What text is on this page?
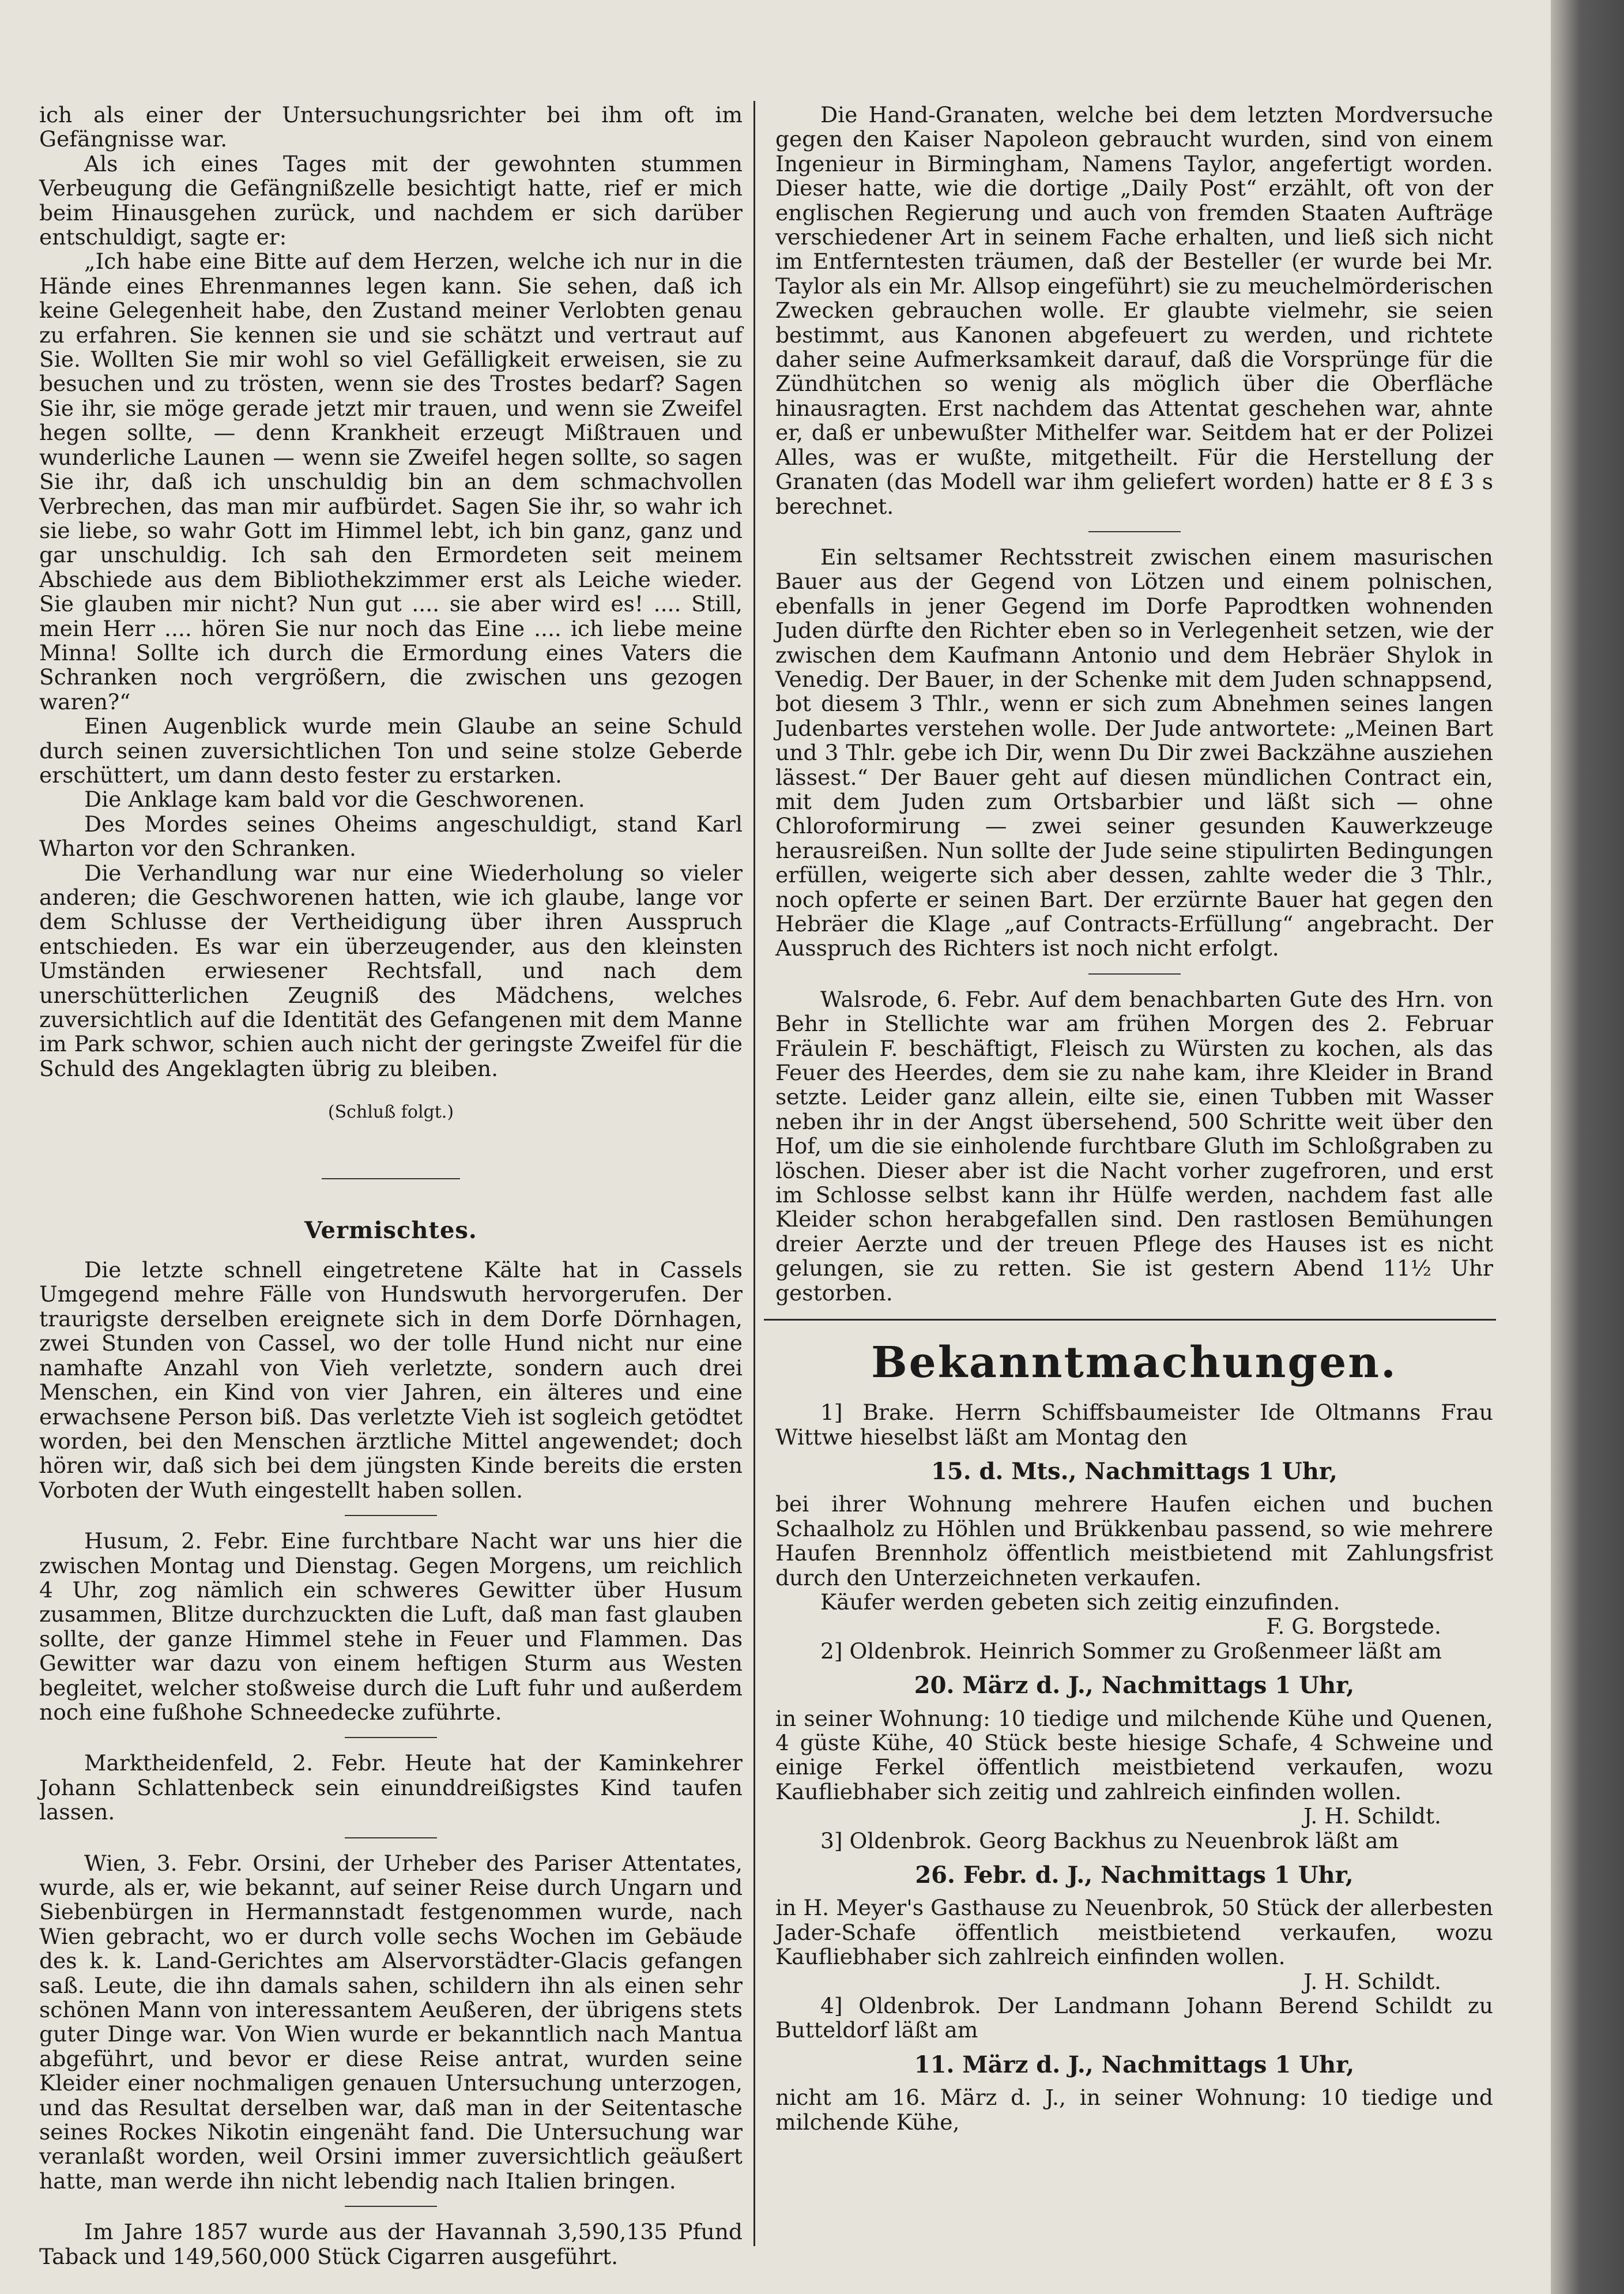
ich als einer der Untersuchungsrichter bei ihm oft im Gefängnisse war.

Als ich eines Tages mit der gewohnten stummen Verbeugung die Gefängnißzelle besichtigt hatte, rief er mich beim Hinausgehen zurück, und nachdem er sich darüber entschuldigt, sagte er:

„Ich habe eine Bitte auf dem Herzen, welche ich nur in die Hände eines Ehrenmannes legen kann. Sie sehen, daß ich keine Gelegenheit habe, den Zustand meiner Verlobten genau zu erfahren. Sie kennen sie und sie schätzt und vertraut auf Sie. Wollten Sie mir wohl so viel Gefälligkeit erweisen, sie zu besuchen und zu trösten, wenn sie des Trostes bedarf? Sagen Sie ihr, sie möge gerade jetzt mir trauen, und wenn sie Zweifel hegen sollte, — denn Krankheit erzeugt Mißtrauen und wunderliche Launen — wenn sie Zweifel hegen sollte, so sagen Sie ihr, daß ich unschuldig bin an dem schmachvollen Verbrechen, das man mir aufbürdet. Sagen Sie ihr, so wahr ich sie liebe, so wahr Gott im Himmel lebt, ich bin ganz, ganz und gar unschuldig. Ich sah den Ermordeten seit meinem Abschiede aus dem Bibliothekzimmer erst als Leiche wieder. Sie glauben mir nicht? Nun gut .... sie aber wird es! .... Still, mein Herr .... hören Sie nur noch das Eine .... ich liebe meine Minna! Sollte ich durch die Ermordung eines Vaters die Schranken noch vergrößern, die zwischen uns gezogen waren?“

Einen Augenblick wurde mein Glaube an seine Schuld durch seinen zuversichtlichen Ton und seine stolze Geberde erschüttert, um dann desto fester zu erstarken.

Die Anklage kam bald vor die Geschworenen.

Des Mordes seines Oheims angeschuldigt, stand Karl Wharton vor den Schranken.

Die Verhandlung war nur eine Wiederholung so vieler anderen; die Geschworenen hatten, wie ich glaube, lange vor dem Schlusse der Vertheidigung über ihren Ausspruch entschieden. Es war ein überzeugender, aus den kleinsten Umständen erwiesener Rechtsfall, und nach dem unerschütterlichen Zeugniß des Mädchens, welches zuversichtlich auf die Identität des Gefangenen mit dem Manne im Park schwor, schien auch nicht der geringste Zweifel für die Schuld des Angeklagten übrig zu bleiben.

(Schluß folgt.)
Vermischtes.

Die letzte schnell eingetretene Kälte hat in Cassels Umgegend mehre Fälle von Hundswuth hervorgerufen. Der traurigste derselben ereignete sich in dem Dorfe Dörnhagen, zwei Stunden von Cassel, wo der tolle Hund nicht nur eine namhafte Anzahl von Vieh verletzte, sondern auch drei Menschen, ein Kind von vier Jahren, ein älteres und eine erwachsene Person biß. Das verletzte Vieh ist sogleich getödtet worden, bei den Menschen ärztliche Mittel angewendet; doch hören wir, daß sich bei dem jüngsten Kinde bereits die ersten Vorboten der Wuth eingestellt haben sollen.

Husum, 2. Febr. Eine furchtbare Nacht war uns hier die zwischen Montag und Dienstag. Gegen Morgens, um reichlich 4 Uhr, zog nämlich ein schweres Gewitter über Husum zusammen, Blitze durchzuckten die Luft, daß man fast glauben sollte, der ganze Himmel stehe in Feuer und Flammen. Das Gewitter war dazu von einem heftigen Sturm aus Westen begleitet, welcher stoßweise durch die Luft fuhr und außerdem noch eine fußhohe Schneedecke zuführte.

Marktheidenfeld, 2. Febr. Heute hat der Kaminkehrer Johann Schlattenbeck sein einunddreißigstes Kind taufen lassen.

Wien, 3. Febr. Orsini, der Urheber des Pariser Attentates, wurde, als er, wie bekannt, auf seiner Reise durch Ungarn und Siebenbürgen in Hermannstadt festgenommen wurde, nach Wien gebracht, wo er durch volle sechs Wochen im Gebäude des k. k. Land-Gerichtes am Alservorstädter-Glacis gefangen saß. Leute, die ihn damals sahen, schildern ihn als einen sehr schönen Mann von interessantem Aeußeren, der übrigens stets guter Dinge war. Von Wien wurde er bekanntlich nach Mantua abgeführt, und bevor er diese Reise antrat, wurden seine Kleider einer nochmaligen genauen Untersuchung unterzogen, und das Resultat derselben war, daß man in der Seitentasche seines Rockes Nikotin eingenäht fand. Die Untersuchung war veranlaßt worden, weil Orsini immer zuversichtlich geäußert hatte, man werde ihn nicht lebendig nach Italien bringen.

Im Jahre 1857 wurde aus der Havannah 3,590,135 Pfund Taback und 149,560,000 Stück Cigarren ausgeführt.

Die Hand-Granaten, welche bei dem letzten Mordversuche gegen den Kaiser Napoleon gebraucht wurden, sind von einem Ingenieur in Birmingham, Namens Taylor, angefertigt worden. Dieser hatte, wie die dortige „Daily Post“ erzählt, oft von der englischen Regierung und auch von fremden Staaten Aufträge verschiedener Art in seinem Fache erhalten, und ließ sich nicht im Entferntesten träumen, daß der Besteller (er wurde bei Mr. Taylor als ein Mr. Allsop eingeführt) sie zu meuchelmörderischen Zwecken gebrauchen wolle. Er glaubte vielmehr, sie seien bestimmt, aus Kanonen abgefeuert zu werden, und richtete daher seine Aufmerksamkeit darauf, daß die Vorsprünge für die Zündhütchen so wenig als möglich über die Oberfläche hinausragten. Erst nachdem das Attentat geschehen war, ahnte er, daß er unbewußter Mithelfer war. Seitdem hat er der Polizei Alles, was er wußte, mitgetheilt. Für die Herstellung der Granaten (das Modell war ihm geliefert worden) hatte er 8 £ 3 s berechnet.

Ein seltsamer Rechtsstreit zwischen einem masurischen Bauer aus der Gegend von Lötzen und einem polnischen, ebenfalls in jener Gegend im Dorfe Paprodtken wohnenden Juden dürfte den Richter eben so in Verlegenheit setzen, wie der zwischen dem Kaufmann Antonio und dem Hebräer Shylok in Venedig. Der Bauer, in der Schenke mit dem Juden schnappsend, bot diesem 3 Thlr., wenn er sich zum Abnehmen seines langen Judenbartes verstehen wolle. Der Jude antwortete: „Meinen Bart und 3 Thlr. gebe ich Dir, wenn Du Dir zwei Backzähne ausziehen lässest.“ Der Bauer geht auf diesen mündlichen Contract ein, mit dem Juden zum Ortsbarbier und läßt sich — ohne Chloroformirung — zwei seiner gesunden Kauwerkzeuge herausreißen. Nun sollte der Jude seine stipulirten Bedingungen erfüllen, weigerte sich aber dessen, zahlte weder die 3 Thlr., noch opferte er seinen Bart. Der erzürnte Bauer hat gegen den Hebräer die Klage „auf Contracts-Erfüllung“ angebracht. Der Ausspruch des Richters ist noch nicht erfolgt.

Walsrode, 6. Febr. Auf dem benachbarten Gute des Hrn. von Behr in Stellichte war am frühen Morgen des 2. Februar Fräulein F. beschäftigt, Fleisch zu Würsten zu kochen, als das Feuer des Heerdes, dem sie zu nahe kam, ihre Kleider in Brand setzte. Leider ganz allein, eilte sie, einen Tubben mit Wasser neben ihr in der Angst übersehend, 500 Schritte weit über den Hof, um die sie einholende furchtbare Gluth im Schloßgraben zu löschen. Dieser aber ist die Nacht vorher zugefroren, und erst im Schlosse selbst kann ihr Hülfe werden, nachdem fast alle Kleider schon herabgefallen sind. Den rastlosen Bemühungen dreier Aerzte und der treuen Pflege des Hauses ist es nicht gelungen, sie zu retten. Sie ist gestern Abend 11½ Uhr gestorben.

Bekanntmachungen.

1] Brake. Herrn Schiffsbaumeister Ide Oltmanns Frau Wittwe hieselbst läßt am Montag den

15. d. Mts., Nachmittags 1 Uhr,

bei ihrer Wohnung mehrere Haufen eichen und buchen Schaalholz zu Höhlen und Brükkenbau passend, so wie mehrere Haufen Brennholz öffentlich meistbietend mit Zahlungsfrist durch den Unterzeichneten verkaufen.

Käufer werden gebeten sich zeitig einzufinden.

F. G. Borgstede.

2] Oldenbrok. Heinrich Sommer zu Großenmeer läßt am

20. März d. J., Nachmittags 1 Uhr,

in seiner Wohnung: 10 tiedige und milchende Kühe und Quenen, 4 güste Kühe, 40 Stück beste hiesige Schafe, 4 Schweine und einige Ferkel öffentlich meistbietend verkaufen, wozu Kaufliebhaber sich zeitig und zahlreich einfinden wollen.

J. H. Schildt.

3] Oldenbrok. Georg Backhus zu Neuenbrok läßt am

26. Febr. d. J., Nachmittags 1 Uhr,

in H. Meyer's Gasthause zu Neuenbrok, 50 Stück der allerbesten Jader-Schafe öffentlich meistbietend verkaufen, wozu Kaufliebhaber sich zahlreich einfinden wollen.

J. H. Schildt.

4] Oldenbrok. Der Landmann Johann Berend Schildt zu Butteldorf läßt am

11. März d. J., Nachmittags 1 Uhr,

nicht am 16. März d. J., in seiner Wohnung: 10 tiedige und milchende Kühe,
